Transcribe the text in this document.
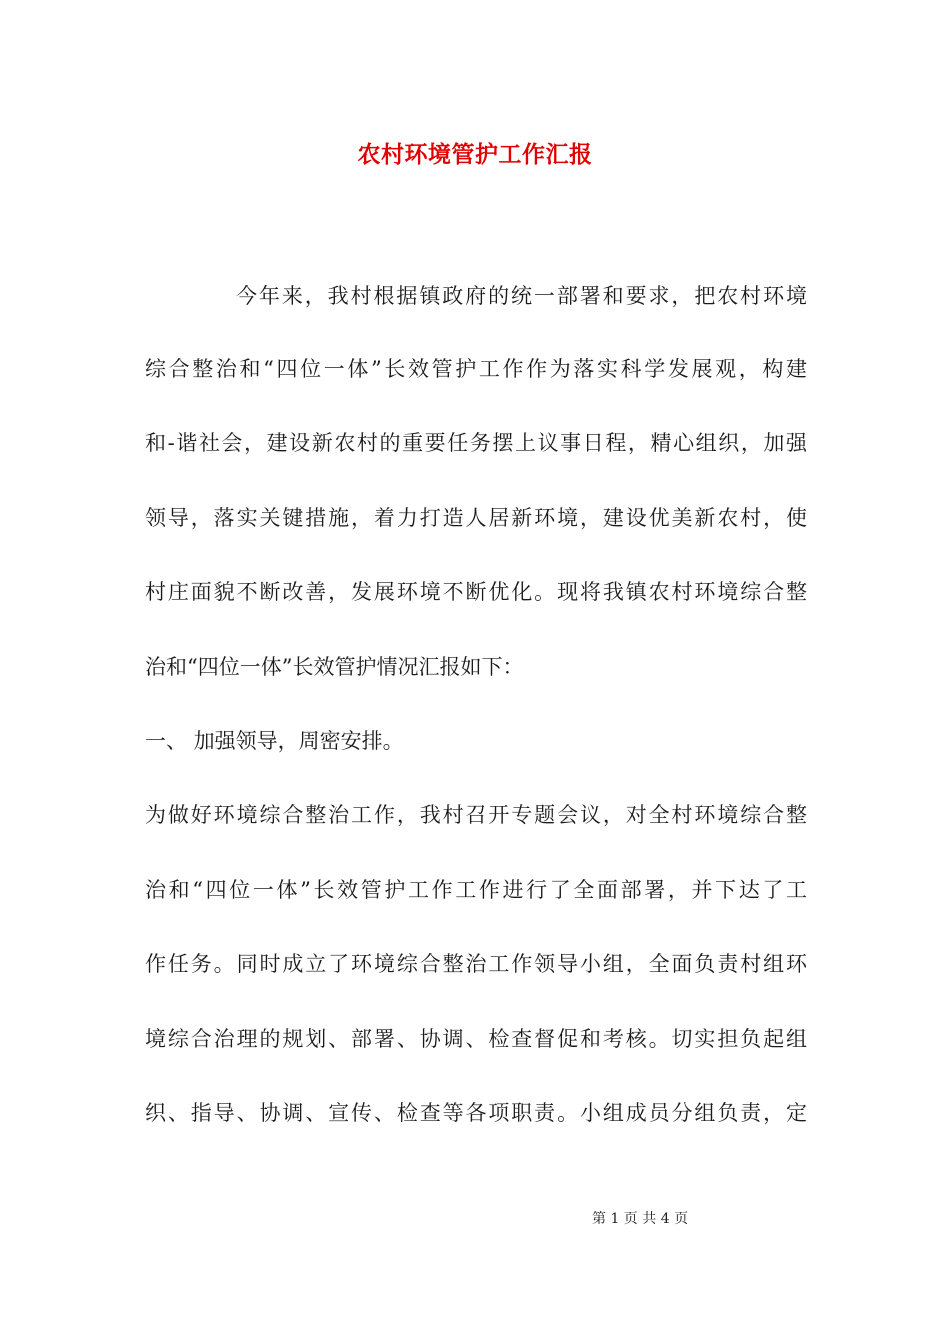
农村环境管护工作汇报
今年来，我村根据镇政府的统一部署和要求，把农村环境
综合整治和“四位一体”长效管护工作作为落实科学发展观，构建
和-谐社会，建设新农村的重要任务摆上议事日程，精心组织，加强
领导，落实关键措施，着力打造人居新环境，建设优美新农村，使
村庄面貌不断改善，发展环境不断优化。现将我镇农村环境综合整
治和“四位一体”长效管护情况汇报如下：
一、 加强领导，周密安排。
为做好环境综合整治工作，我村召开专题会议，对全村环境综合整
治和“四位一体”长效管护工作工作进行了全面部署，并下达了工
作任务。同时成立了环境综合整治工作领导小组，全面负责村组环
境综合治理的规划、部署、协调、检查督促和考核。切实担负起组
织、指导、协调、宣传、检查等各项职责。小组成员分组负责，定
第 1 页 共 4 页
